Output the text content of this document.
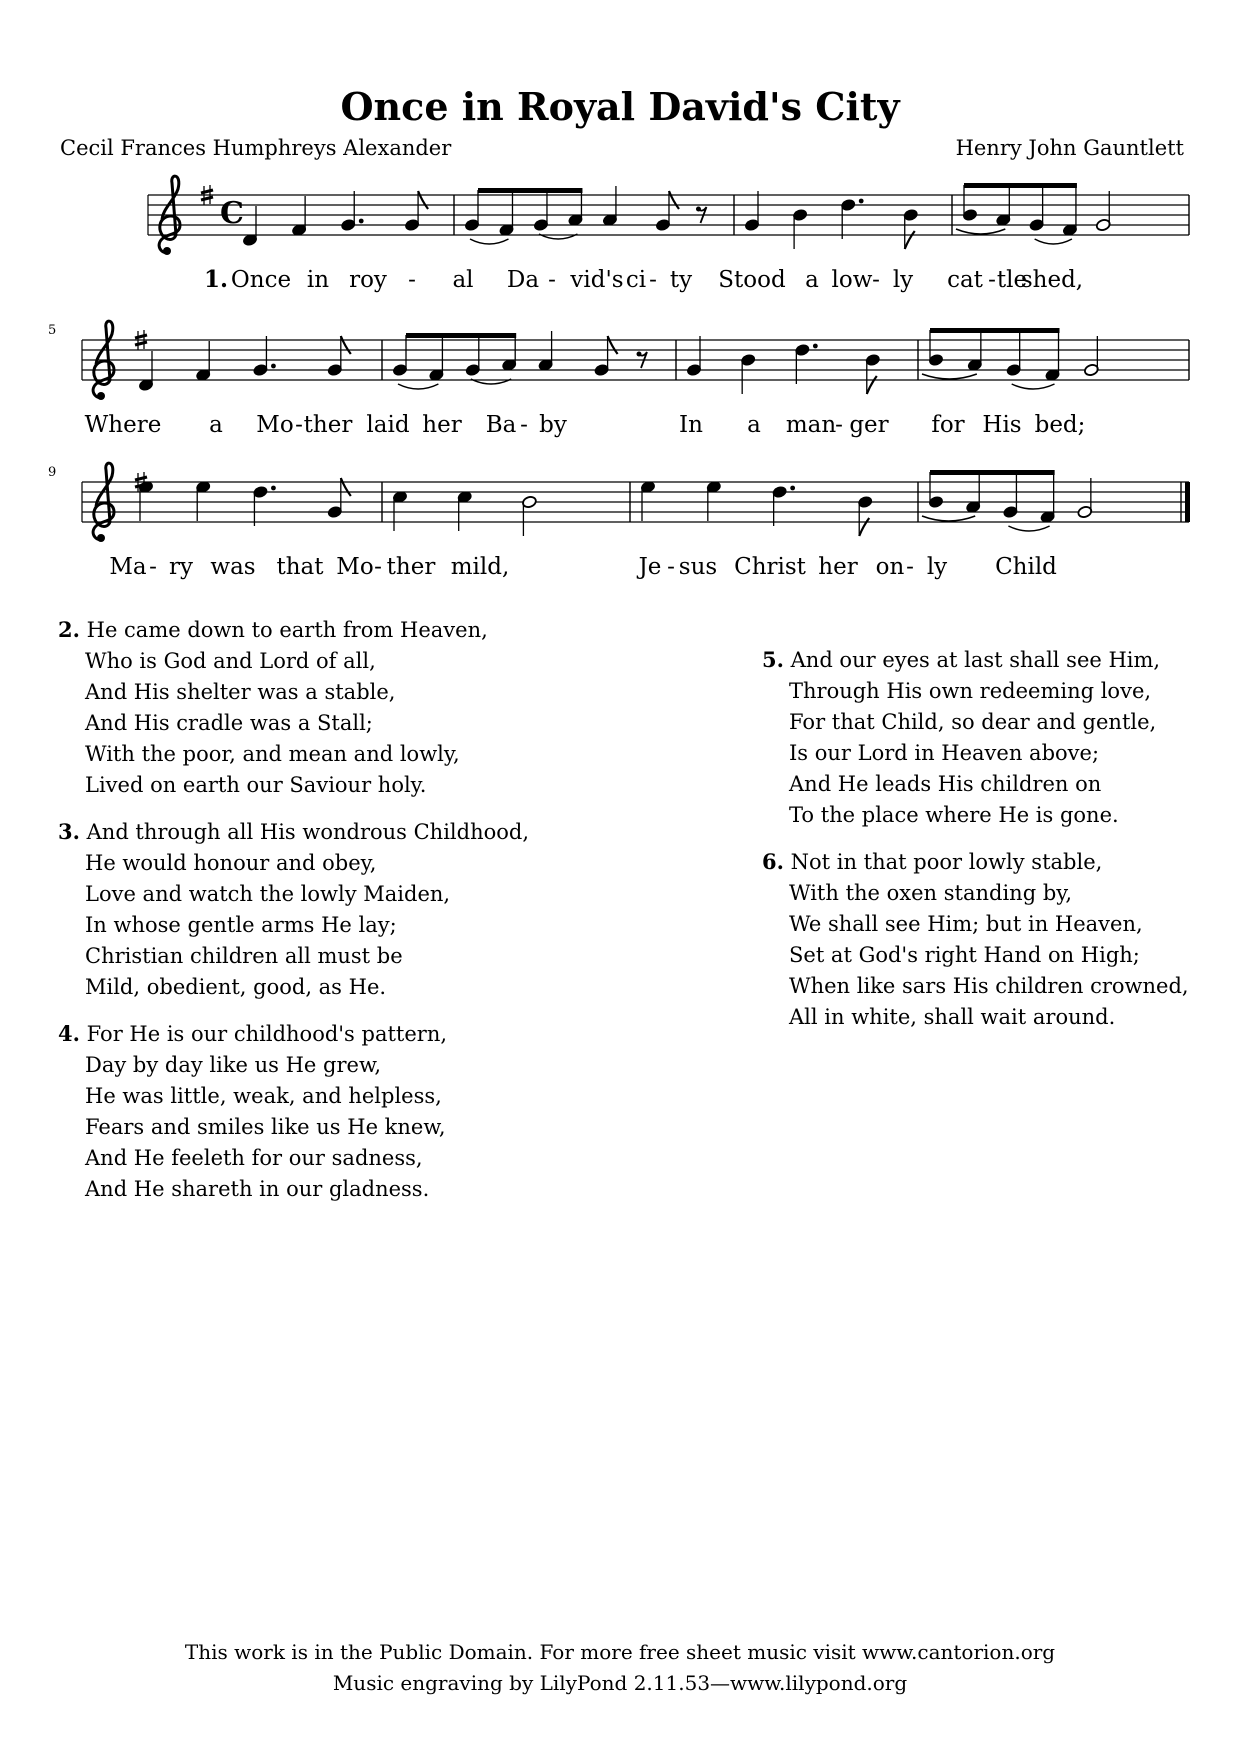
Once in Royal David's City
Cecil Frances Humphreys Alexander	Henry John Gauntlett
C
1. Once in roy - al Da - vid's ci - ty Stood a low - ly cat - tle
shed,
5
Where a Mo - ther laid her Ba - by	In a man
- ger for His bed;
9
Ma - ry was that Mo - ther mild,	Je - sus Christ her on - ly Child
2. He came down to earth from Heaven,
Who is God and Lord of all,
And His shelter was a stable,
And His cradle was a Stall;
With the poor, and mean and lowly,
Lived on earth our Saviour holy.
3. And through all His wondrous Childhood,
He would honour and obey,
Love and watch the lowly Maiden,
In whose gentle arms He lay;
Christian children all must be
Mild, obedient, good, as He.
4. For He is our childhood's pattern,
Day by day like us He grew,
He was little, weak, and helpless,
Fears and smiles like us He knew,
And He feeleth for our sadness,
And He shareth in our gladness.
5. And our eyes at last shall see Him,
Through His own redeeming love,
For that Child, so dear and gentle,
Is our Lord in Heaven above;
And He leads His children on
To the place where He is gone.
6. Not in that poor lowly stable,
With the oxen standing by,
We shall see Him; but in Heaven,
Set at God's right Hand on High;
When like sars His children crowned,
All in white, shall wait around.
This work is in the Public Domain. For more free sheet music visit www.cantorion.org
Music engraving by LilyPond 2.11.53—www.lilypond.org
